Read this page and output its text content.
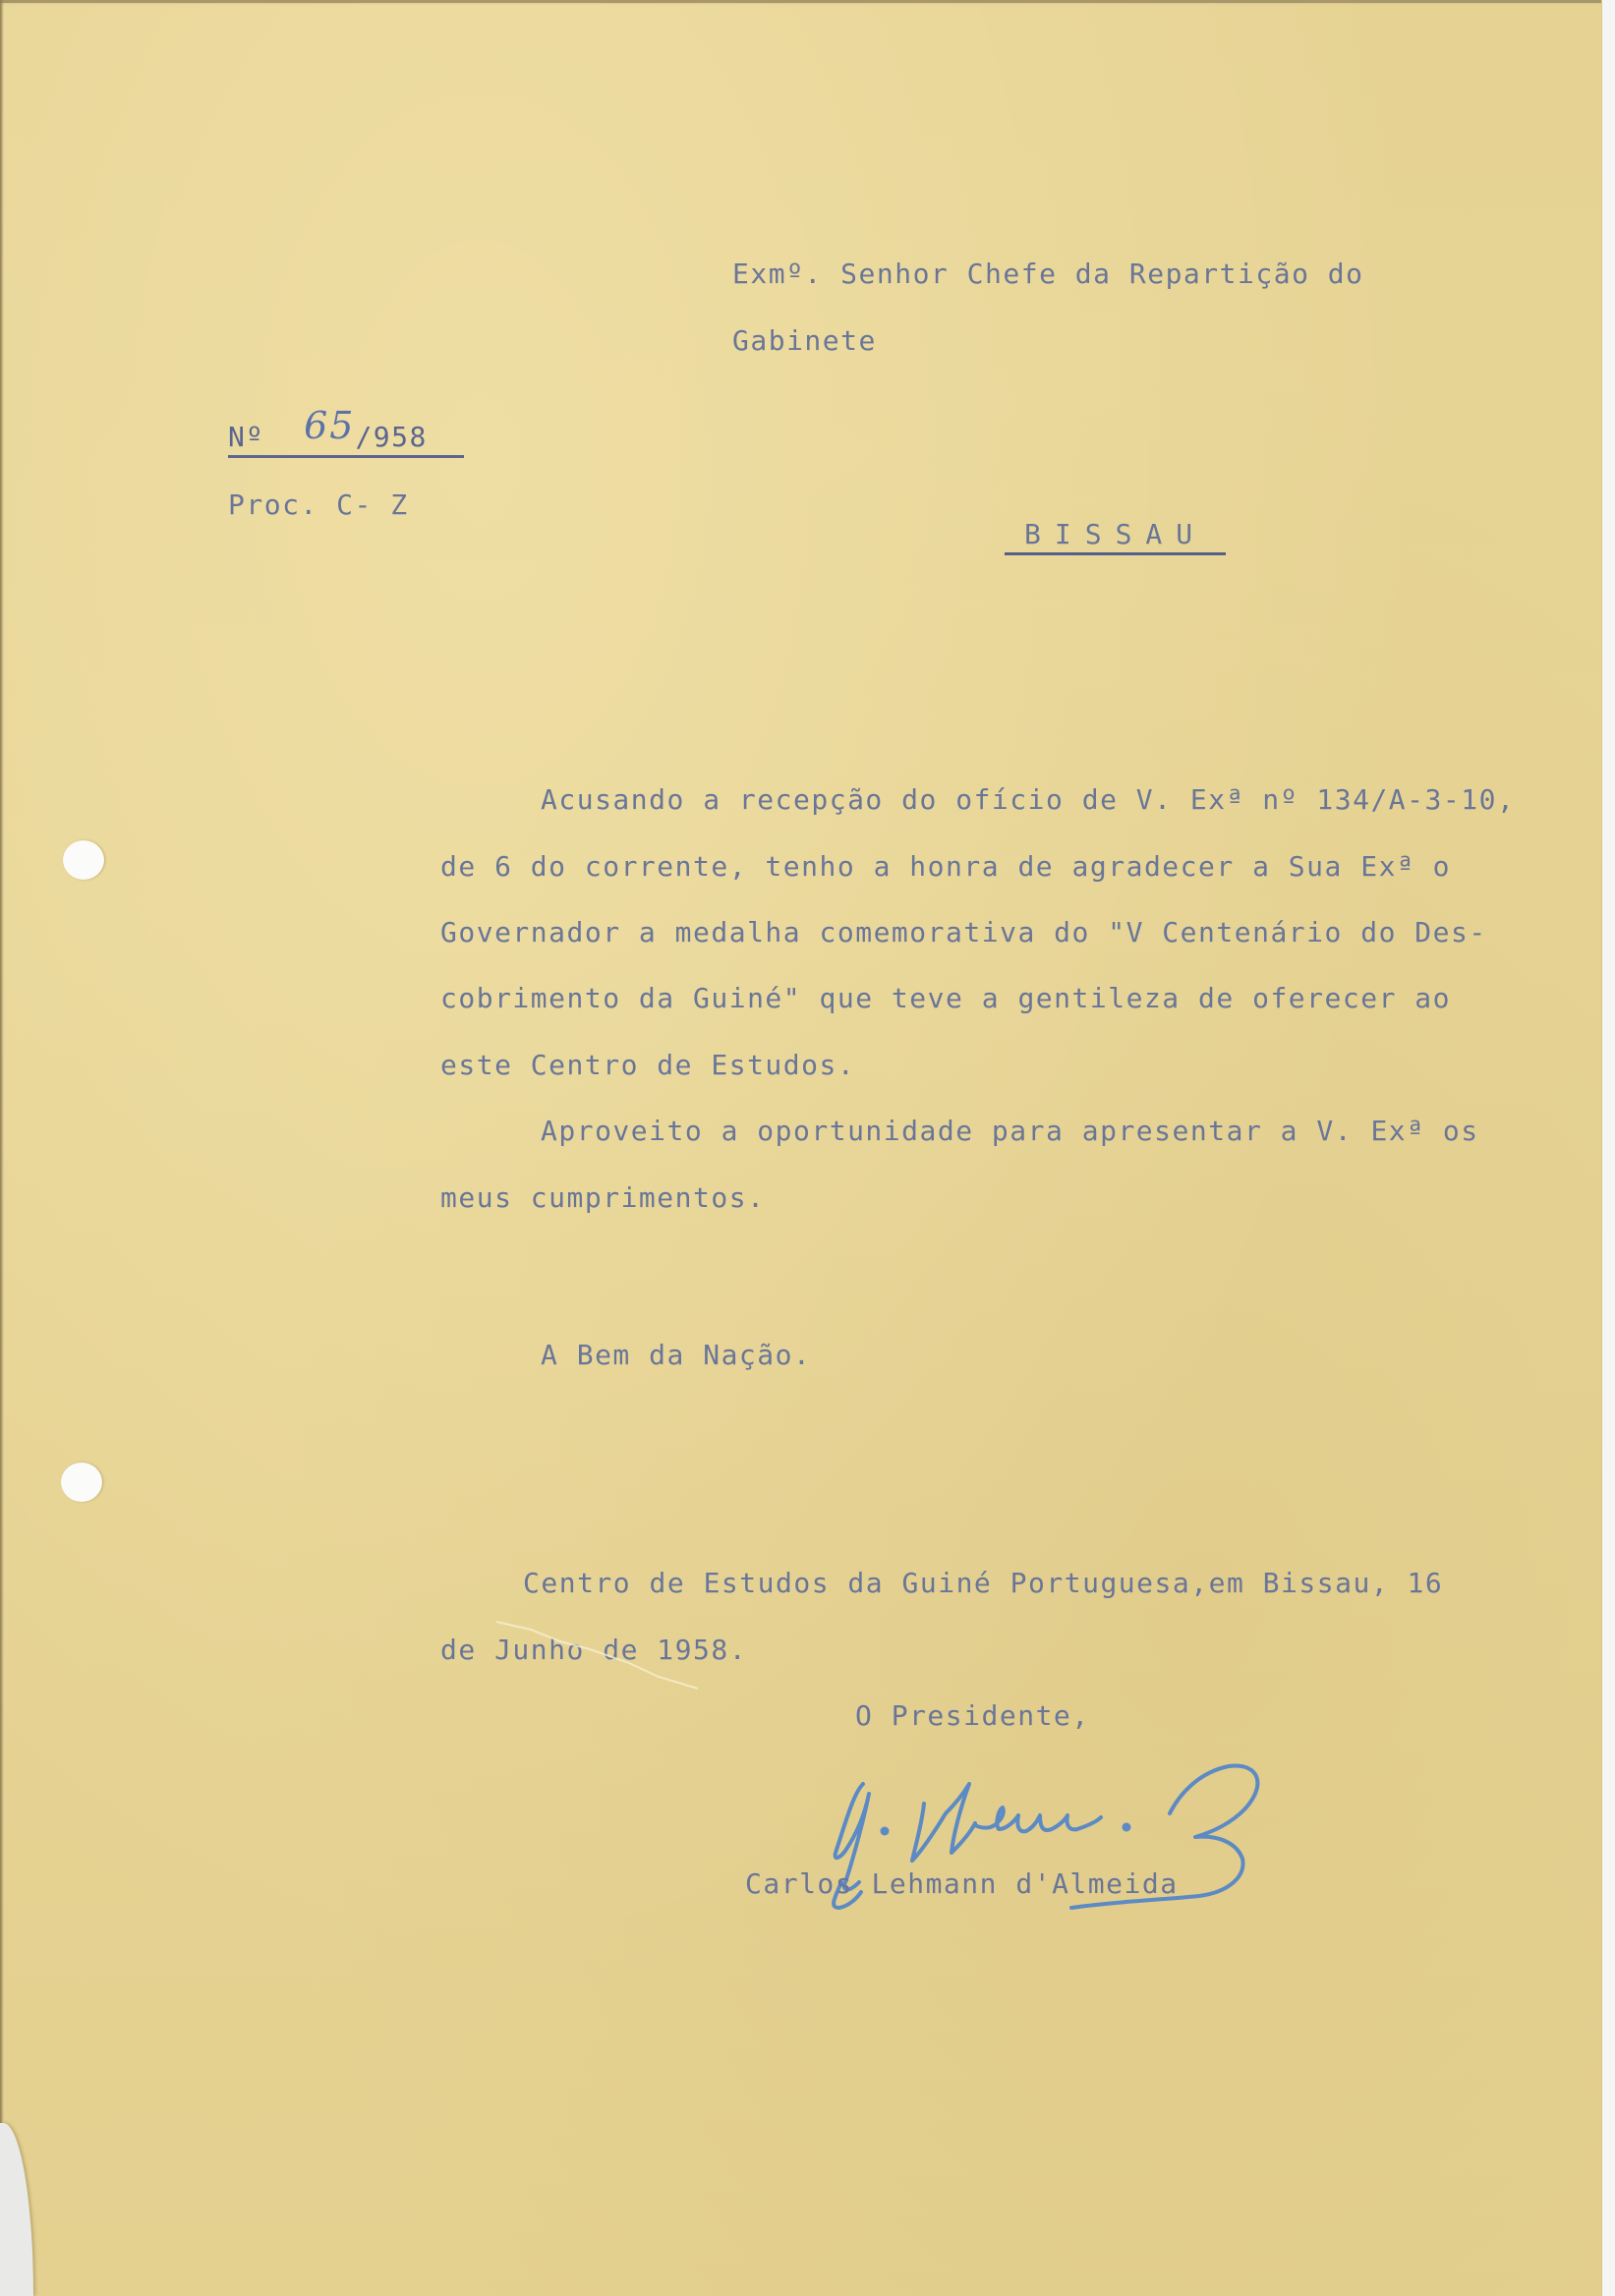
Exmº. Senhor Chefe da Repartição do
Gabinete
Nº 65/958
Proc. C- Z
BISSAU
Acusando a recepção do ofício de V. Exª nº 134/A-3-10,
de 6 do corrente, tenho a honra de agradecer a Sua Exª o
Governador a medalha comemorativa do "V Centenário do Des-
cobrimento da Guiné" que teve a gentileza de oferecer ao
este Centro de Estudos.
Aproveito a oportunidade para apresentar a V. Exª os
meus cumprimentos.
A Bem da Nação.
Centro de Estudos da Guiné Portuguesa,em Bissau, 16
de Junho de 1958.
O Presidente,
Carlos Lehmann d'Almeida
